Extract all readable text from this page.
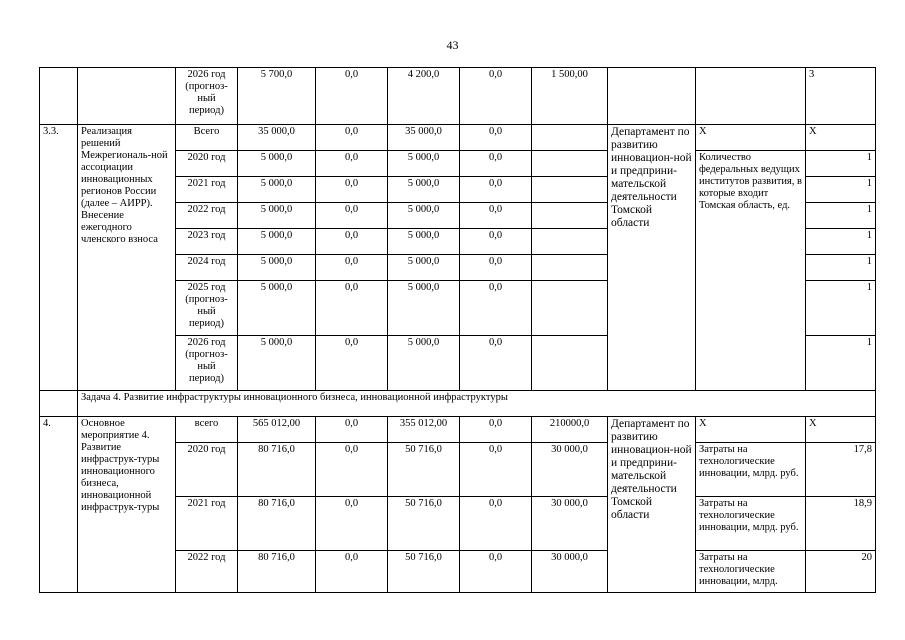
43
		2026 год (прогноз-ный период)	5 700,0	0,0	4 200,0	0,0	1 500,00			3
3.3.	Реализация решений Межрегиональ-ной ассоциации инновационных регионов России (далее – АИРР). Внесение ежегодного членского взноса	Всего	35 000,0	0,0	35 000,0	0,0		Департамент по развитию инновацион-ной и предприни-мательской деятельности Томской области	Х	Х
		2020 год	5 000,0	0,0	5 000,0	0,0			Количество федеральных ведущих институтов развития, в которые входит Томская область, ед.	1
		2021 год	5 000,0	0,0	5 000,0	0,0				1
		2022 год	5 000,0	0,0	5 000,0	0,0				1
		2023 год	5 000,0	0,0	5 000,0	0,0				1
		2024 год	5 000,0	0,0	5 000,0	0,0				1
		2025 год (прогноз-ный период)	5 000,0	0,0	5 000,0	0,0				1
		2026 год (прогноз-ный период)	5 000,0	0,0	5 000,0	0,0				1
	Задача 4. Развитие инфраструктуры инновационного бизнеса, инновационной инфраструктуры									
4.	Основное мероприятие 4. Развитие инфраструк-туры инновационного бизнеса, инновационной инфраструк-туры	всего	565 012,00	0,0	355 012,00	0,0	210000,0	Департамент по развитию инновацион-ной и предприни-мательской деятельности Томской области	Х	Х
		2020 год	80 716,0	0,0	50 716,0	0,0	30 000,0		Затраты на технологические инновации, млрд. руб.	17,8
		2021 год	80 716,0	0,0	50 716,0	0,0	30 000,0		Затраты на технологические инновации, млрд. руб.	18,9
		2022 год	80 716,0	0,0	50 716,0	0,0	30 000,0		Затраты на технологические инновации, млрд.	20
